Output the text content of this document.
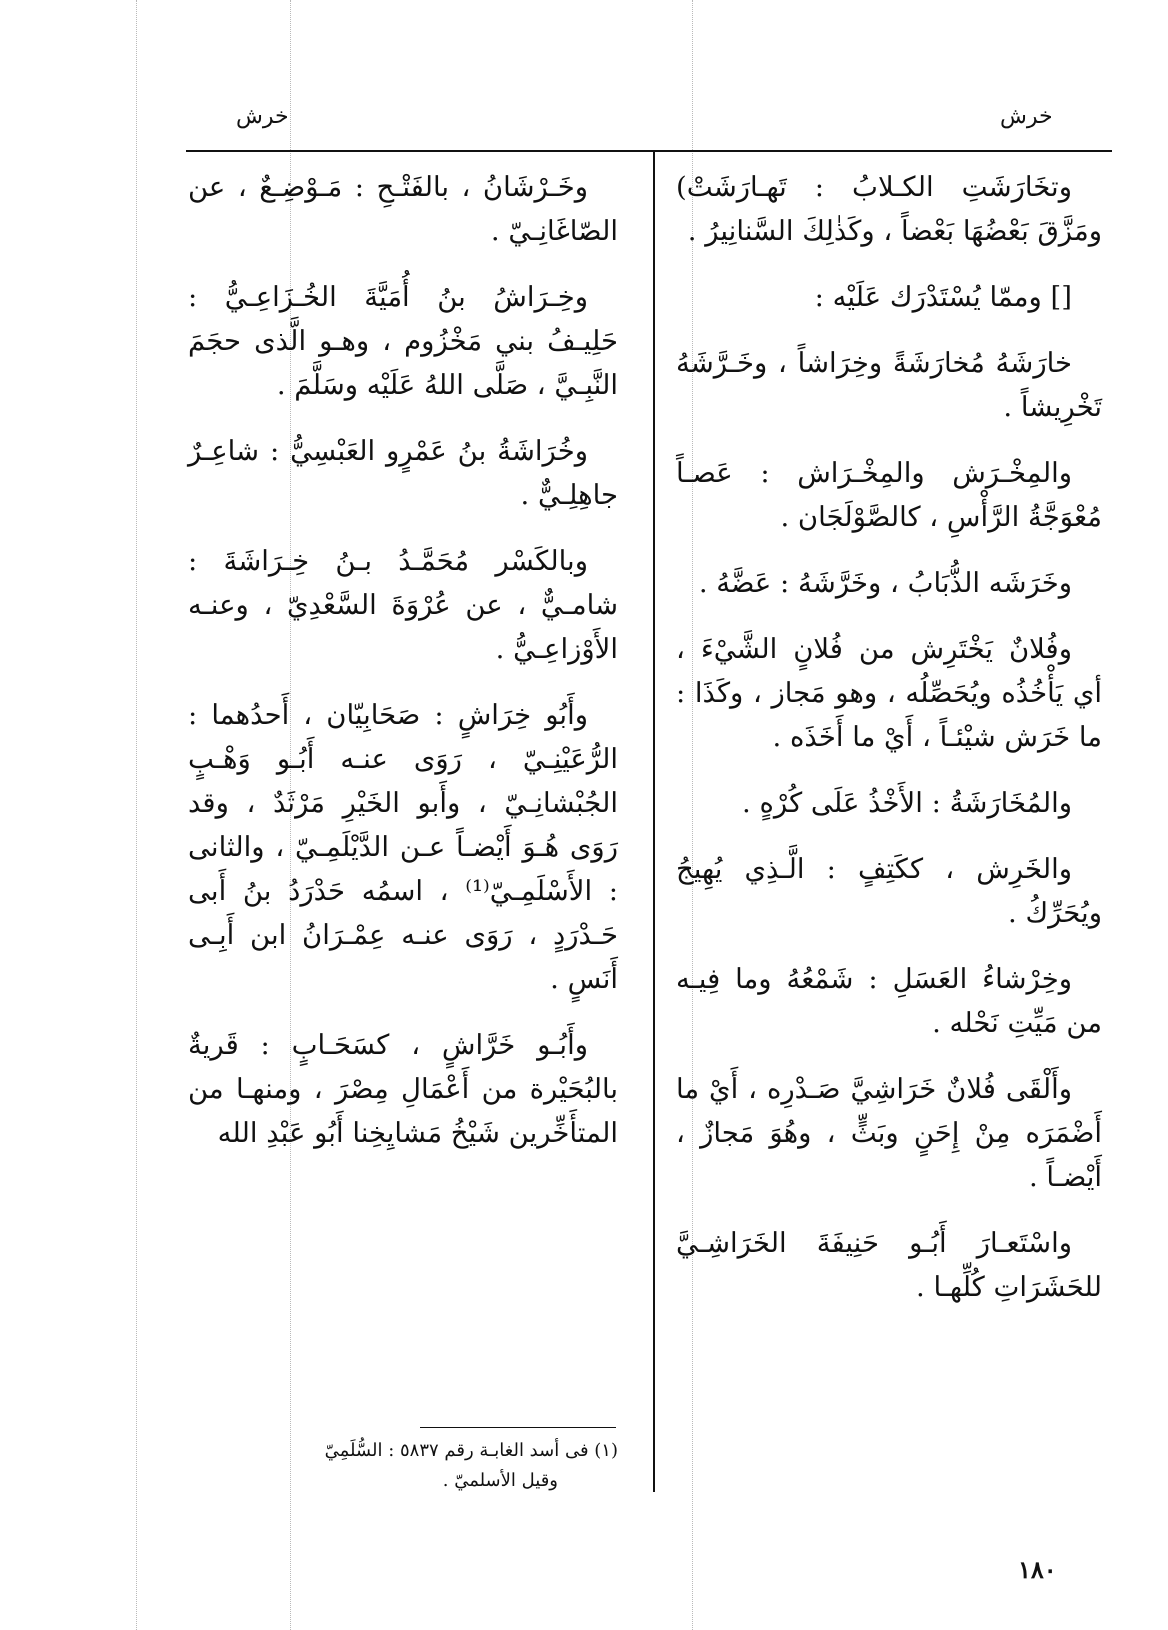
خرش	خرش

وتخَارَشَتِ الكـلابُ : تَهـارَشَتْ) ومَزَّقَ بَعْضُهَا بَعْضاً ، وكَذٰلِكَ السَّنانِيرُ .

[] وممّا يُسْتَدْرَك عَلَيْه :

خارَشَهُ مُخارَشَةً وخِرَاشاً ، وخَـرَّشَهُ تَخْرِيشاً .

والمِخْـرَش والمِخْـرَاش : عَصـاً مُعْوَجَّةُ الرَّأْسِ ، كالصَّوْلَجَان .

وخَرَشَه الذُّبَابُ ، وخَرَّشَهُ : عَضَّهُ .

وفُلانٌ يَخْتَرِش من فُلانٍ الشَّيْءَ ، أي يَأْخُذُه ويُحَصِّلُه ، وهو مَجاز ، وكَذَا : ما خَرَش شيْئـاً ، أَيْ ما أَخَذَه .

والمُخَارَشَةُ : الأَخْذُ عَلَى كُرْهٍ .

والخَرِش ، ككَتِفٍ : الَّـذِي يُهِيجُ ويُحَرِّكُ .

وخِرْشاءُ العَسَلِ : شَمْعُهُ وما فِيـه من مَيِّتِ نَحْله .

وأَلْقَى فُلانٌ خَرَاشِيَّ صَـدْرِه ، أَيْ ما أَضْمَرَه مِنْ إِحَنٍ وبَثٍّ ، وهُوَ مَجازٌ ، أَيْضـاً .

واسْتَعـارَ أَبُـو حَنِيفَةَ الخَرَاشِـيَّ للحَشَرَاتِ كُلِّهـا .

وخَـرْشَانُ ، بالفَتْـحِ : مَـوْضِـعٌ ، عن الصّاغَانِـيّ .

وخِـرَاشُ بنُ أُمَيَّةَ الخُـزَاعِـيُّ : حَلِيـفُ بني مَخْزُوم ، وهـو الَّذى حجَمَ النَّبِـيَّ ، صَلَّى اللهُ عَلَيْه وسَلَّمَ .

وخُرَاشَةُ بنُ عَمْرٍو العَبْسِيُّ : شاعِـرٌ جاهِلِـيٌّ .

وبالكَسْر مُحَمَّـدُ بـنُ خِـرَاشَةَ : شامـيٌّ ، عن عُرْوَةَ السَّعْدِيّ ، وعنـه الأَوْزاعِـيُّ .

وأَبُو خِرَاشٍ : صَحَابِيّان ، أَحدُهما : الرُّعَيْنِـيّ ، رَوَى عنـه أَبُـو وَهْـبٍ الجُبْشانِـيّ ، وأَبو الخَيْرِ مَرْثَدٌ ، وقد رَوَى هُـوَ أَيْضـاً عـن الدَّيْلَمِـيّ ، والثانى : الأَسْلَمِـيّ⁽¹⁾ ، اسمُه حَدْرَدُ بنُ أَبى حَـدْرَدٍ ، رَوَى عنـه عِمْـرَانُ ابن أَبِـى أَنَسٍ .

وأَبُـو خَرَّاشٍ ، كسَحَـابٍ : قَريةٌ بالبُحَيْرة من أَعْمَالِ مِصْرَ ، ومنهـا من المتأَخِّرين شَيْخُ مَشايِخِنا أَبُو عَبْدِ الله

(١) فى أسد الغابـة رقم ٥٨٣٧ : السُّلَمِيّ
وقيل الأسلميّ .
١٨٠
